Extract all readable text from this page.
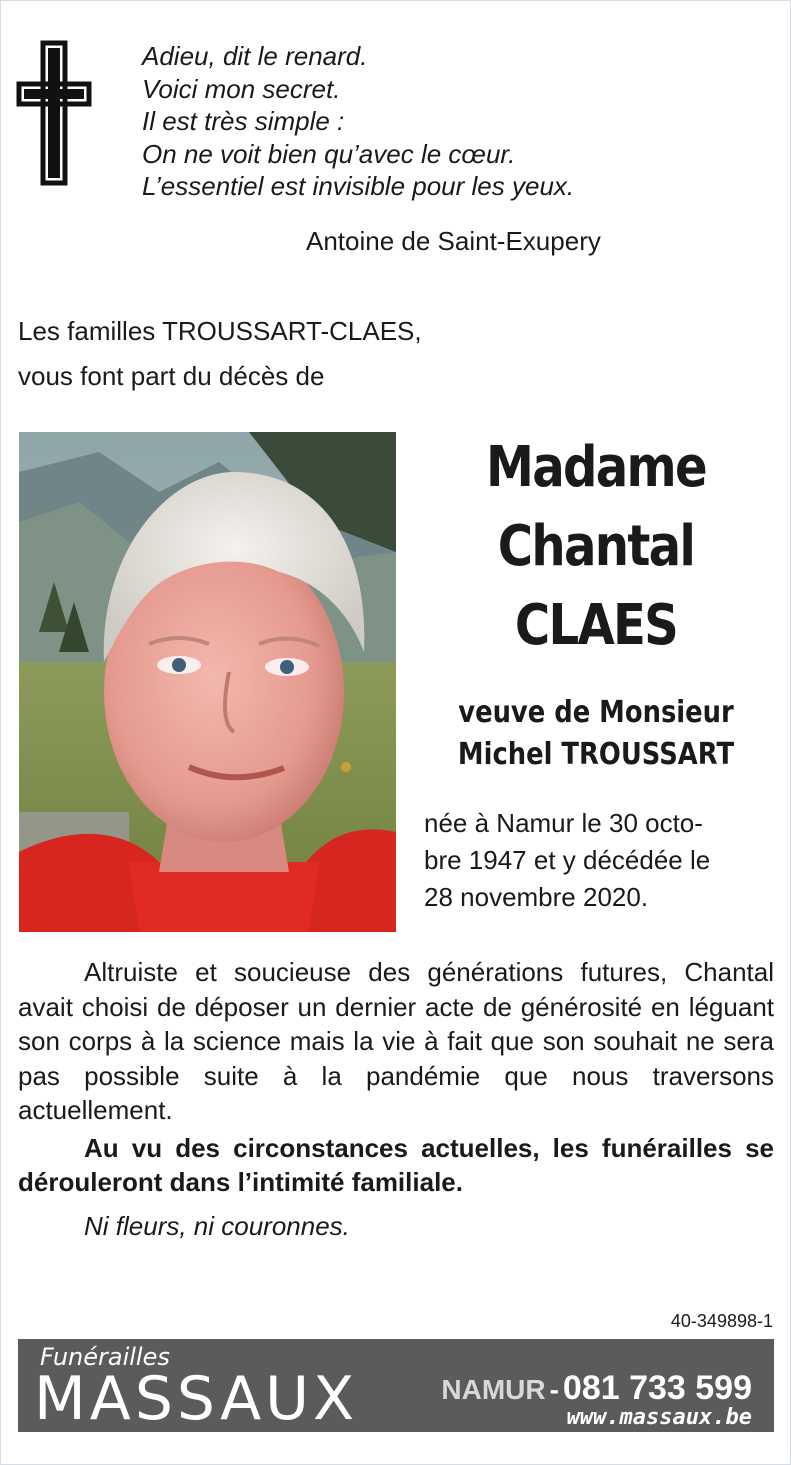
Adieu, dit le renard.
Voici mon secret.
Il est très simple :
On ne voit bien qu’avec le cœur.
L’essentiel est invisible pour les yeux.
Antoine de Saint-Exupery
Les familles TROUSSART-CLAES,
vous font part du décès de
Madame
Chantal
CLAES
veuve de Monsieur
Michel TROUSSART
née à Namur le 30 octo-
bre 1947 et y décédée le
28 novembre 2020.

Altruiste et soucieuse des générations futures, Chantal avait choisi de déposer un dernier acte de générosité en léguant son corps à la science mais la vie à fait que son souhait ne sera pas possible suite à la pandémie que nous traversons actuellement.

Au vu des circonstances actuelles, les funérailles se dérouleront dans l’intimité familiale.

Ni fleurs, ni couronnes.

40-349898-1
Funérailles
MASSAUX	NAMUR - 081 733 599
www.massaux.be
